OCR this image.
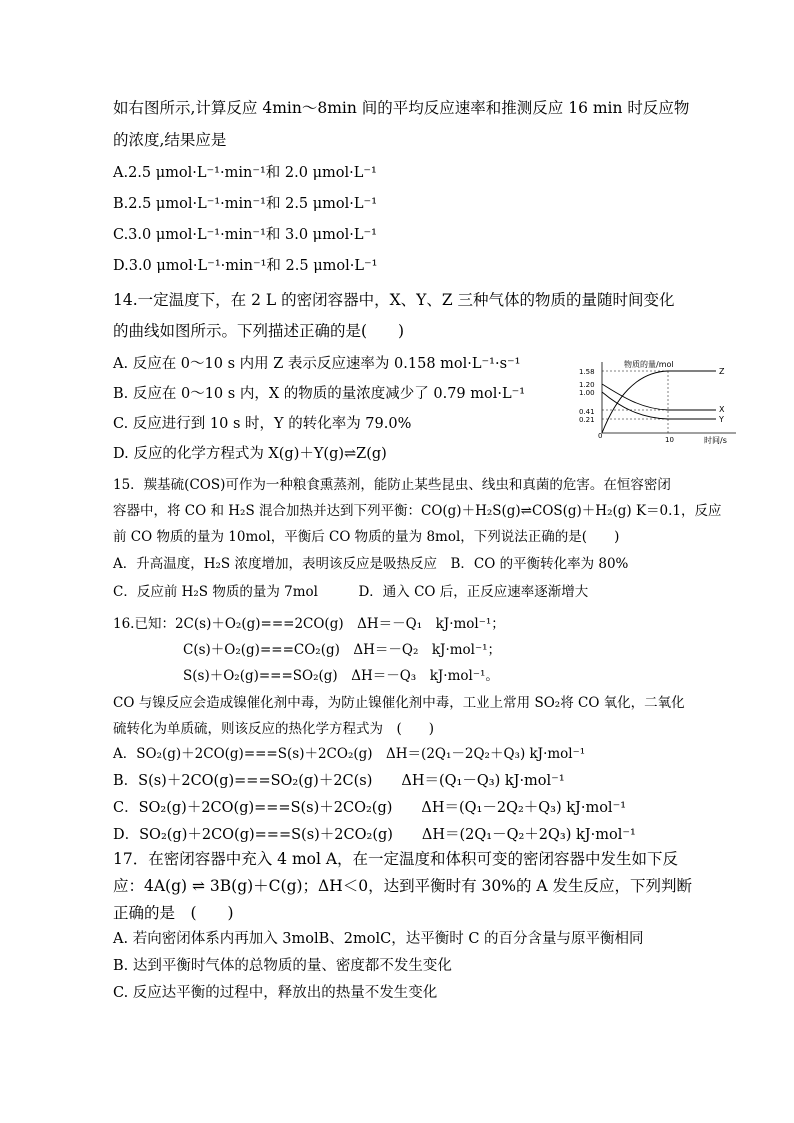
如右图所示,计算反应 4min～8min 间的平均反应速率和推测反应 16 min 时反应物
的浓度,结果应是
A.2.5 μmol·L⁻¹·min⁻¹和 2.0 μmol·L⁻¹
B.2.5 μmol·L⁻¹·min⁻¹和 2.5 μmol·L⁻¹
C.3.0 μmol·L⁻¹·min⁻¹和 3.0 μmol·L⁻¹
D.3.0 μmol·L⁻¹·min⁻¹和 2.5 μmol·L⁻¹
14.一定温度下，在 2 L 的密闭容器中，X、Y、Z 三种气体的物质的量随时间变化
的曲线如图所示。下列描述正确的是(　　)
A. 反应在 0～10 s 内用 Z 表示反应速率为 0.158 mol·L⁻¹·s⁻¹
B. 反应在 0～10 s 内，X 的物质的量浓度减少了 0.79 mol·L⁻¹
C. 反应进行到 10 s 时，Y 的转化率为 79.0%
D. 反应的化学方程式为 X(g)＋Y(g)⇌Z(g)
物质的量/mol
时间/s
1.58
1.20
1.00
0.41
0.21
0	10
Z
X
Y
15．羰基硫(COS)可作为一种粮食熏蒸剂，能防止某些昆虫、线虫和真菌的危害。在恒容密闭
容器中，将 CO 和 H₂S 混合加热并达到下列平衡：CO(g)＋H₂S(g)⇌COS(g)＋H₂(g) K＝0.1，反应
前 CO 物质的量为 10mol，平衡后 CO 物质的量为 8mol，下列说法正确的是(　　)
A．升高温度，H₂S 浓度增加，表明该反应是吸热反应　B．CO 的平衡转化率为 80%
C．反应前 H₂S 物质的量为 7mol　　　D．通入 CO 后，正反应速率逐渐增大
16.已知：2C(s)＋O₂(g)===2CO(g)　ΔH＝－Q₁　kJ·mol⁻¹；
C(s)＋O₂(g)===CO₂(g)　ΔH＝－Q₂　kJ·mol⁻¹；
S(s)＋O₂(g)===SO₂(g)　ΔH＝－Q₃　kJ·mol⁻¹。
CO 与镍反应会造成镍催化剂中毒，为防止镍催化剂中毒，工业上常用 SO₂将 CO 氧化，二氧化
硫转化为单质硫，则该反应的热化学方程式为　(　　)
A．SO₂(g)＋2CO(g)===S(s)＋2CO₂(g)　ΔH＝(2Q₁－2Q₂＋Q₃) kJ·mol⁻¹
B．S(s)＋2CO(g)===SO₂(g)＋2C(s)　　ΔH＝(Q₁－Q₃) kJ·mol⁻¹
C．SO₂(g)＋2CO(g)===S(s)＋2CO₂(g)　　ΔH＝(Q₁－2Q₂＋Q₃) kJ·mol⁻¹
D．SO₂(g)＋2CO(g)===S(s)＋2CO₂(g)　　ΔH＝(2Q₁－Q₂＋2Q₃) kJ·mol⁻¹
17．在密闭容器中充入 4 mol A，在一定温度和体积可变的密闭容器中发生如下反
应：4A(g) ⇌ 3B(g)＋C(g)；ΔH＜0，达到平衡时有 30%的 A 发生反应，下列判断
正确的是　(　　)
A. 若向密闭体系内再加入 3molB、2molC，达平衡时 C 的百分含量与原平衡相同
B. 达到平衡时气体的总物质的量、密度都不发生变化
C. 反应达平衡的过程中，释放出的热量不发生变化
